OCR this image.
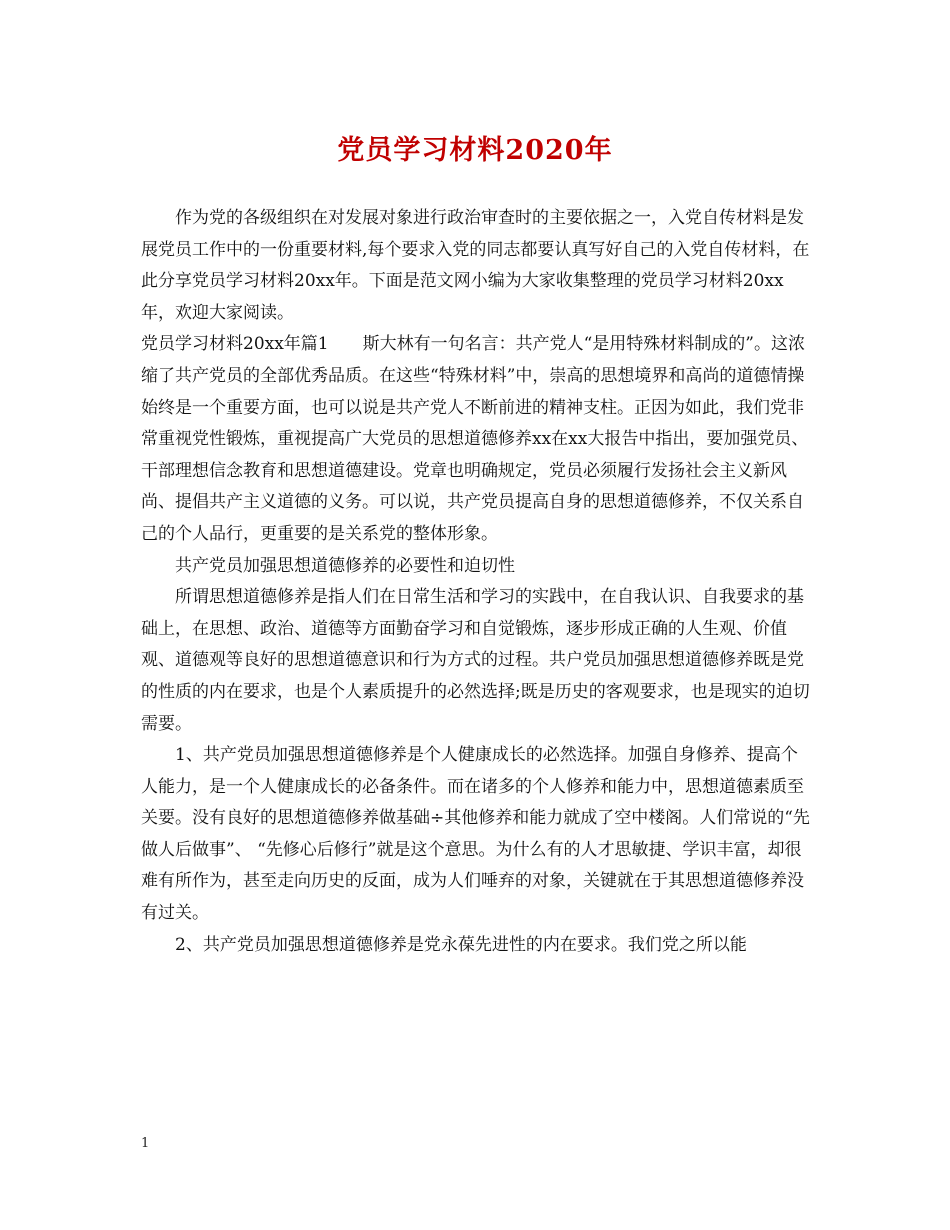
党员学习材料2020年

作为党的各级组织在对发展对象进行政治审查时的主要依据之一，入党自传材料是发展党员工作中的一份重要材料,每个要求入党的同志都要认真写好自己的入党自传材料，在此分享党员学习材料20xx年。下面是范文网小编为大家收集整理的党员学习材料20xx年，欢迎大家阅读。

党员学习材料20xx年篇1　　斯大林有一句名言：共产党人“是用特殊材料制成的”。这浓缩了共产党员的全部优秀品质。在这些“特殊材料”中，崇高的思想境界和高尚的道德情操始终是一个重要方面，也可以说是共产党人不断前进的精神支柱。正因为如此，我们党非常重视党性锻炼，重视提高广大党员的思想道德修养xx在xx大报告中指出，要加强党员、干部理想信念教育和思想道德建设。党章也明确规定，党员必须履行发扬社会主义新风尚、提倡共产主义道德的义务。可以说，共产党员提高自身的思想道德修养，不仅关系自己的个人品行，更重要的是关系党的整体形象。

共产党员加强思想道德修养的必要性和迫切性

所谓思想道德修养是指人们在日常生活和学习的实践中，在自我认识、自我要求的基础上，在思想、政治、道德等方面勤奋学习和自觉锻炼，逐步形成正确的人生观、价值观、道德观等良好的思想道德意识和行为方式的过程。共户党员加强思想道德修养既是党的性质的内在要求，也是个人素质提升的必然选择;既是历史的客观要求，也是现实的迫切需要。

1、共产党员加强思想道德修养是个人健康成长的必然选择。加强自身修养、提高个人能力，是一个人健康成长的必备条件。而在诸多的个人修养和能力中，思想道德素质至关要。没有良好的思想道德修养做基础÷其他修养和能力就成了空中楼阁。人们常说的“先做人后做事”、 “先修心后修行”就是这个意思。为什么有的人才思敏捷、学识丰富，却很难有所作为，甚至走向历史的反面，成为人们唾弃的对象，关键就在于其思想道德修养没有过关。

2、共产党员加强思想道德修养是党永葆先进性的内在要求。我们党之所以能

1
